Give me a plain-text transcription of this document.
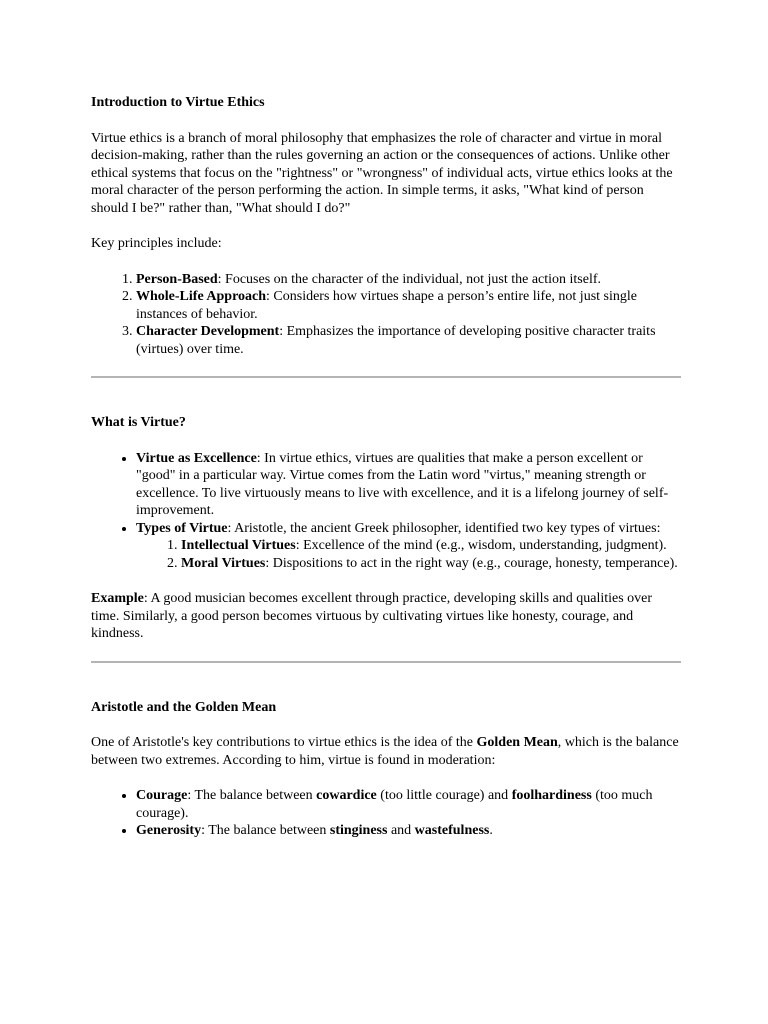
Introduction to Virtue Ethics

Virtue ethics is a branch of moral philosophy that emphasizes the role of character and virtue in moral decision-making, rather than the rules governing an action or the consequences of actions. Unlike other ethical systems that focus on the "rightness" or "wrongness" of individual acts, virtue ethics looks at the moral character of the person performing the action. In simple terms, it asks, "What kind of person should I be?" rather than, "What should I do?"

Key principles include:

1. Person-Based: Focuses on the character of the individual, not just the action itself.
2. Whole-Life Approach: Considers how virtues shape a person’s entire life, not just single instances of behavior.
3. Character Development: Emphasizes the importance of developing positive character traits (virtues) over time.

What is Virtue?

• Virtue as Excellence: In virtue ethics, virtues are qualities that make a person excellent or "good" in a particular way. Virtue comes from the Latin word "virtus," meaning strength or excellence. To live virtuously means to live with excellence, and it is a lifelong journey of self-improvement.
• Types of Virtue: Aristotle, the ancient Greek philosopher, identified two key types of virtues:
1. Intellectual Virtues: Excellence of the mind (e.g., wisdom, understanding, judgment).
2. Moral Virtues: Dispositions to act in the right way (e.g., courage, honesty, temperance).

Example: A good musician becomes excellent through practice, developing skills and qualities over time. Similarly, a good person becomes virtuous by cultivating virtues like honesty, courage, and kindness.

Aristotle and the Golden Mean

One of Aristotle's key contributions to virtue ethics is the idea of the Golden Mean, which is the balance between two extremes. According to him, virtue is found in moderation:

• Courage: The balance between cowardice (too little courage) and foolhardiness (too much courage).
• Generosity: The balance between stinginess and wastefulness.
